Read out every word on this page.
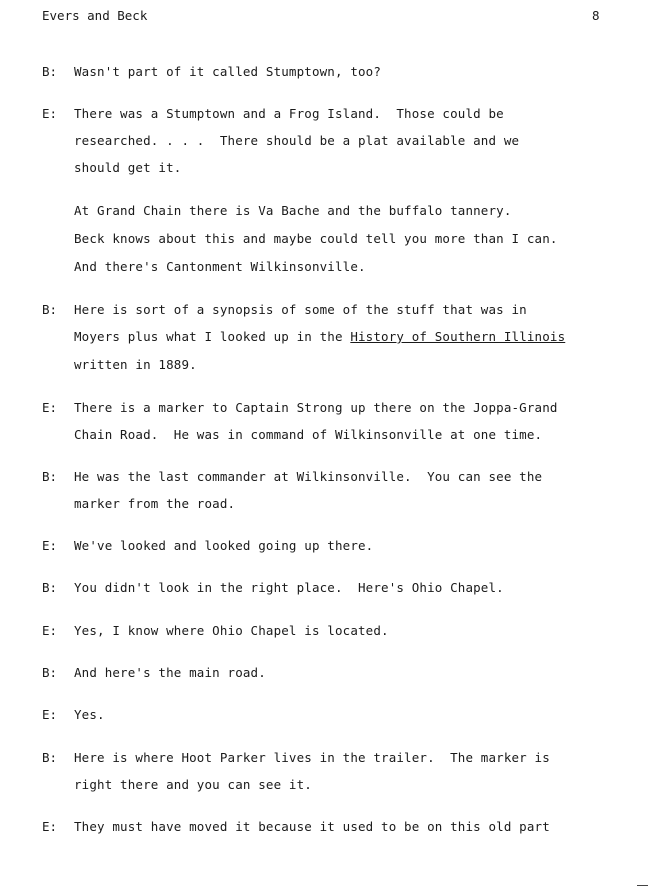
Evers and Beck	8
B: Wasn't part of it called Stumptown, too?
E: There was a Stumptown and a Frog Island.  Those could be
researched. . . .  There should be a plat available and we
should get it.
At Grand Chain there is Va Bache and the buffalo tannery.
Beck knows about this and maybe could tell you more than I can.
And there's Cantonment Wilkinsonville.
B: Here is sort of a synopsis of some of the stuff that was in
Moyers plus what I looked up in the History of Southern Illinois
written in 1889.
E: There is a marker to Captain Strong up there on the Joppa-Grand
Chain Road.  He was in command of Wilkinsonville at one time.
B: He was the last commander at Wilkinsonville.  You can see the
marker from the road.
E: We've looked and looked going up there.
B: You didn't look in the right place.  Here's Ohio Chapel.
E: Yes, I know where Ohio Chapel is located.
B: And here's the main road.
E: Yes.
B: Here is where Hoot Parker lives in the trailer.  The marker is
right there and you can see it.
E: They must have moved it because it used to be on this old part
